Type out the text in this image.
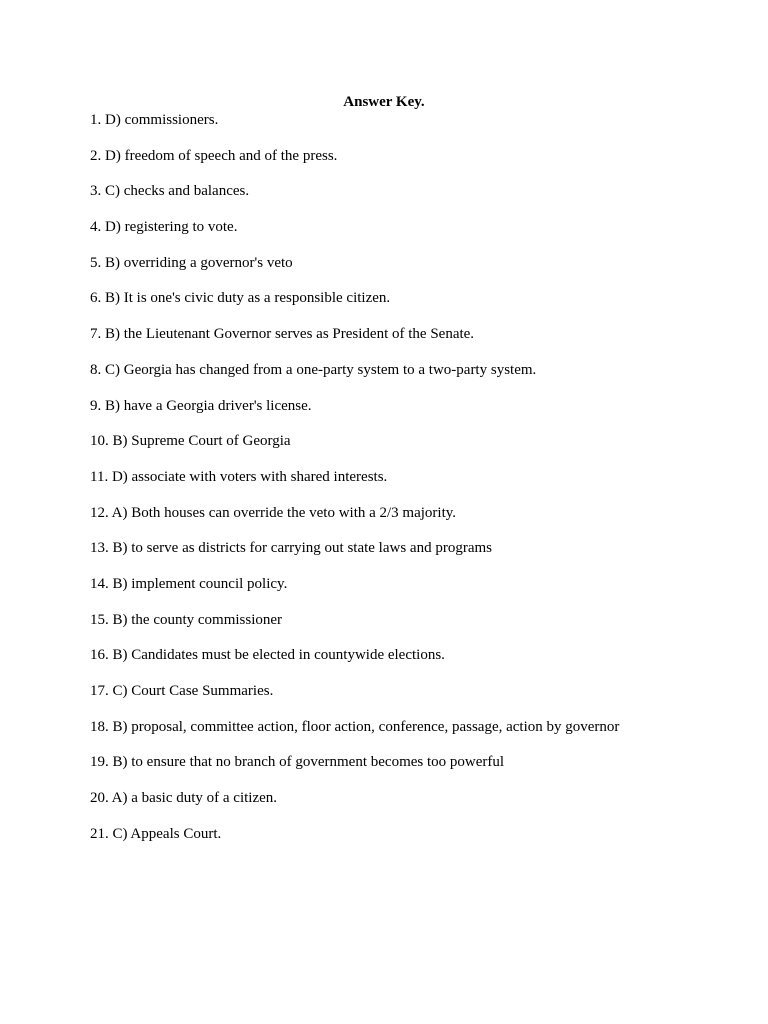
Answer Key.
1. D) commissioners.
2. D) freedom of speech and of the press.
3. C) checks and balances.
4. D) registering to vote.
5. B) overriding a governor's veto
6. B) It is one's civic duty as a responsible citizen.
7. B) the Lieutenant Governor serves as President of the Senate.
8. C) Georgia has changed from a one-party system to a two-party system.
9. B) have a Georgia driver's license.
10. B) Supreme Court of Georgia
11. D) associate with voters with shared interests.
12. A) Both houses can override the veto with a 2/3 majority.
13. B) to serve as districts for carrying out state laws and programs
14. B) implement council policy.
15. B) the county commissioner
16. B) Candidates must be elected in countywide elections.
17. C) Court Case Summaries.
18. B) proposal, committee action, floor action, conference, passage, action by governor
19. B) to ensure that no branch of government becomes too powerful
20. A) a basic duty of a citizen.
21. C) Appeals Court.
